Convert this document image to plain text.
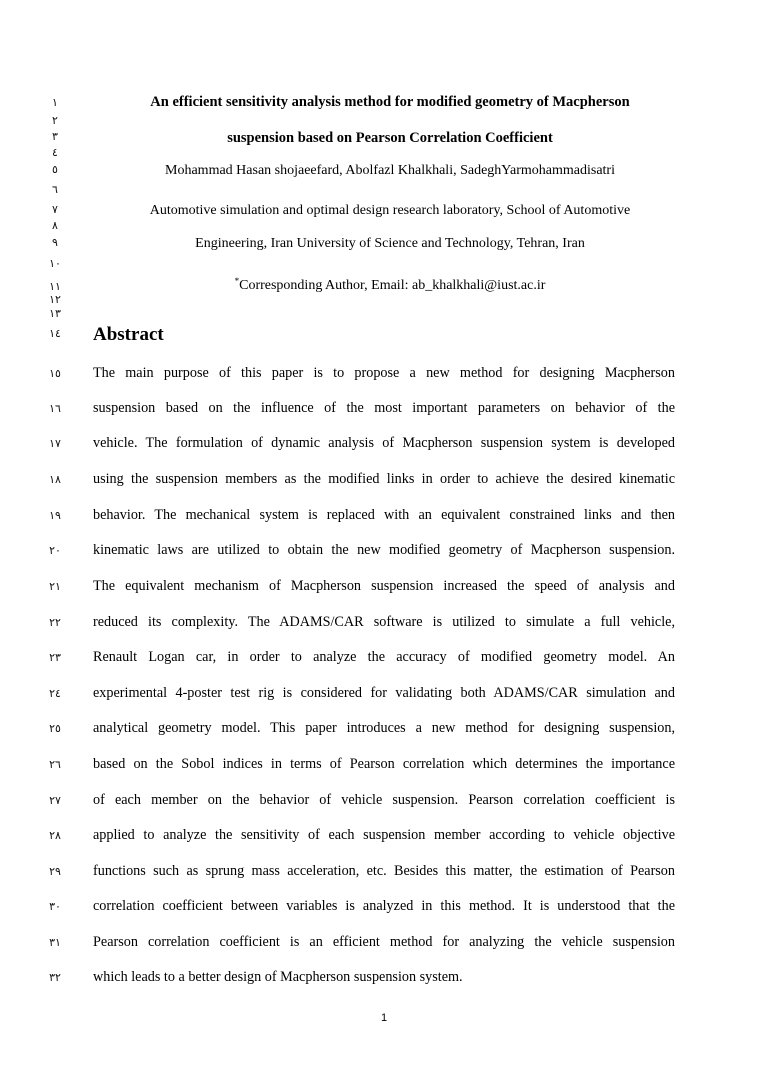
١
٢
٣
٤
٥
٦
٧
٨
٩
١٠
١١
١٢
١٣
١٤
١٥
١٦
١٧
١٨
١٩
٢٠
٢١
٢٢
٢٣
٢٤
٢٥
٢٦
٢٧
٢٨
٢٩
٣٠
٣١
٣٢
An efficient sensitivity analysis method for modified geometry of Macpherson
suspension based on Pearson Correlation Coefficient
Mohammad Hasan shojaeefard, Abolfazl Khalkhali, SadeghYarmohammadisatri
Automotive simulation and optimal design research laboratory, School of Automotive
Engineering, Iran University of Science and Technology, Tehran, Iran
*Corresponding Author, Email: ab_khalkhali@iust.ac.ir
Abstract
The main purpose of this paper is to propose a new method for designing Macpherson
suspension based on the influence of the most important parameters on behavior of the
vehicle. The formulation of dynamic analysis of Macpherson suspension system is developed
using the suspension members as the modified links in order to achieve the desired kinematic
behavior. The mechanical system is replaced with an equivalent constrained links and then
kinematic laws are utilized to obtain the new modified geometry of Macpherson suspension.
The equivalent mechanism of Macpherson suspension increased the speed of analysis and
reduced its complexity. The ADAMS/CAR software is utilized to simulate a full vehicle,
Renault Logan car, in order to analyze the accuracy of modified geometry model. An
experimental 4-poster test rig is considered for validating both ADAMS/CAR simulation and
analytical geometry model. This paper introduces a new method for designing suspension,
based on the Sobol indices in terms of Pearson correlation which determines the importance
of each member on the behavior of vehicle suspension. Pearson correlation coefficient is
applied to analyze the sensitivity of each suspension member according to vehicle objective
functions such as sprung mass acceleration, etc. Besides this matter, the estimation of Pearson
correlation coefficient between variables is analyzed in this method. It is understood that the
Pearson correlation coefficient is an efficient method for analyzing the vehicle suspension
which leads to a better design of Macpherson suspension system.
1
